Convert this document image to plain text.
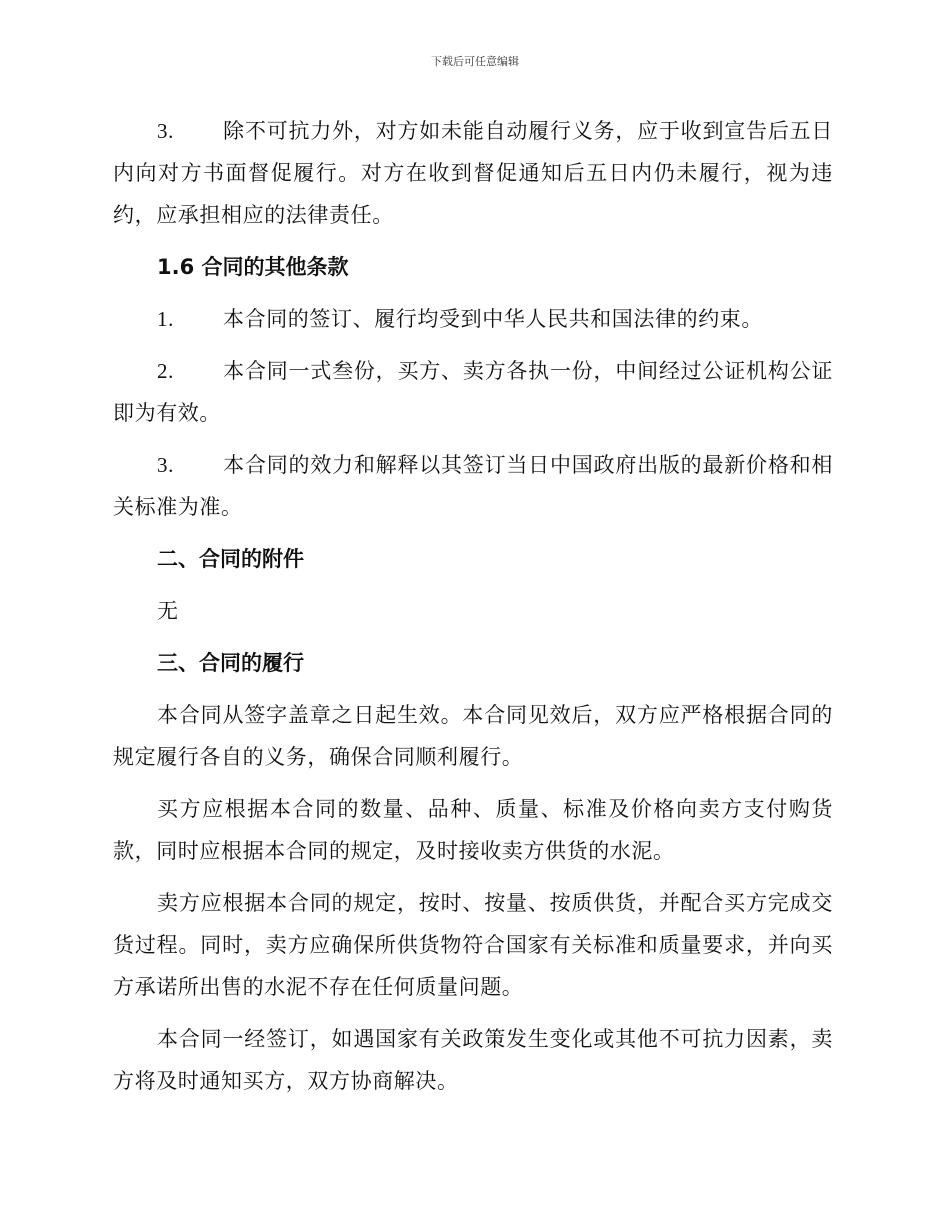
下载后可任意编辑

3. 除不可抗力外，对方如未能自动履行义务，应于收到宣告后五日内向对方书面督促履行。对方在收到督促通知后五日内仍未履行，视为违约，应承担相应的法律责任。

1.6 合同的其他条款

1. 本合同的签订、履行均受到中华人民共和国法律的约束。

2. 本合同一式叁份，买方、卖方各执一份，中间经过公证机构公证即为有效。

3. 本合同的效力和解释以其签订当日中国政府出版的最新价格和相关标准为准。

二、合同的附件

无

三、合同的履行

本合同从签字盖章之日起生效。本合同见效后，双方应严格根据合同的规定履行各自的义务，确保合同顺利履行。

买方应根据本合同的数量、品种、质量、标准及价格向卖方支付购货款，同时应根据本合同的规定，及时接收卖方供货的水泥。

卖方应根据本合同的规定，按时、按量、按质供货，并配合买方完成交货过程。同时，卖方应确保所供货物符合国家有关标准和质量要求，并向买方承诺所出售的水泥不存在任何质量问题。

本合同一经签订，如遇国家有关政策发生变化或其他不可抗力因素，卖方将及时通知买方，双方协商解决。
